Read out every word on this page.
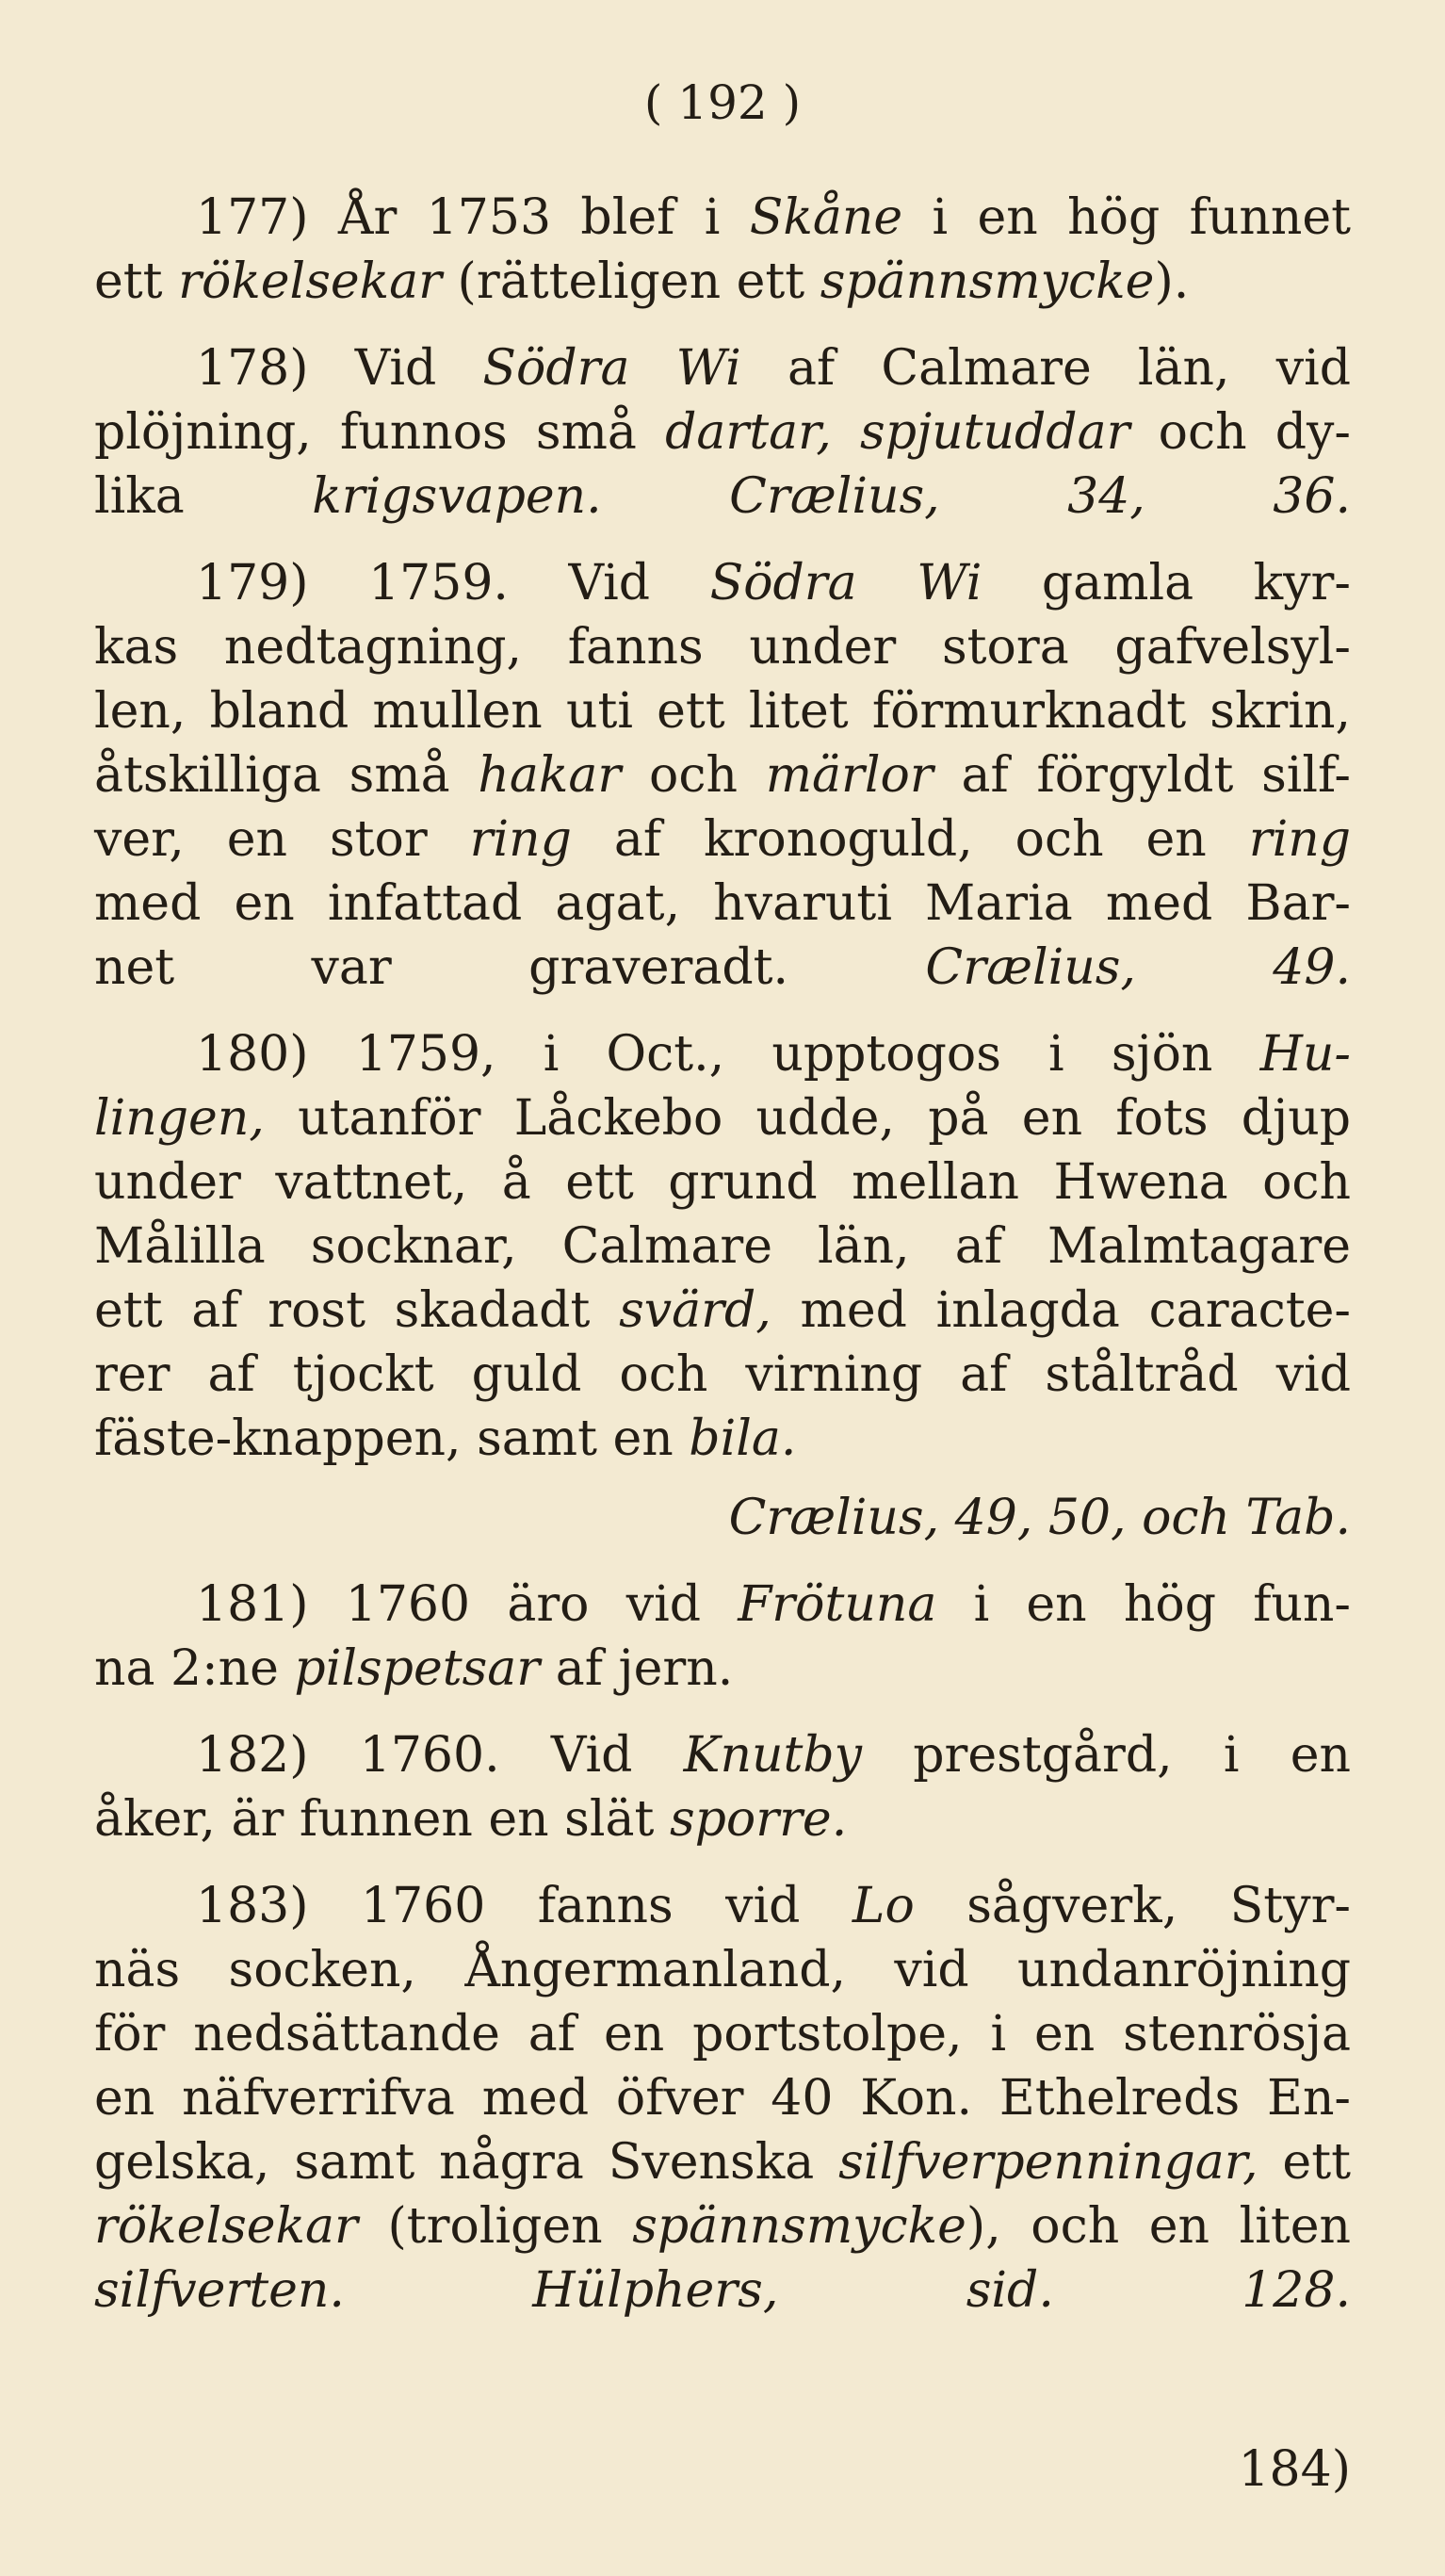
( 192 )
177) År 1753 blef i Skåne i en hög funnet
ett rökelsekar (rätteligen ett spännsmycke).
178) Vid Södra Wi af Calmare län, vid
plöjning, funnos små dartar, spjutuddar och dy-
lika krigsvapen.	Crælius, 34, 36.
179) 1759. Vid Södra Wi gamla kyr-
kas nedtagning, fanns under stora gafvelsyl-
len, bland mullen uti ett litet förmurknadt skrin,
åtskilliga små hakar och märlor af förgyldt silf-
ver, en stor ring af kronoguld, och en ring
med en infattad agat, hvaruti Maria med Bar-
net var graveradt. Crælius, 49.
180) 1759, i Oct., upptogos i sjön Hu-
lingen, utanför Låckebo udde, på en fots djup
under vattnet, å ett grund mellan Hwena och
Målilla socknar, Calmare län, af Malmtagare
ett af rost skadadt svärd, med inlagda caracte-
rer af tjockt guld och virning af ståltråd vid
fäste-knappen, samt en bila.
Crælius, 49, 50, och Tab.
181) 1760 äro vid Frötuna i en hög fun-
na 2:ne pilspetsar af jern.
182) 1760. Vid Knutby prestgård, i en
åker, är funnen en slät sporre.
183) 1760 fanns vid Lo sågverk, Styr-
näs socken, Ångermanland, vid undanröjning
för nedsättande af en portstolpe, i en stenrösja
en näfverrifva med öfver 40 Kon. Ethelreds En-
gelska, samt några Svenska silfverpenningar, ett
rökelsekar (troligen spännsmycke), och en liten
silfverten.	Hülphers, sid. 128.
184)
